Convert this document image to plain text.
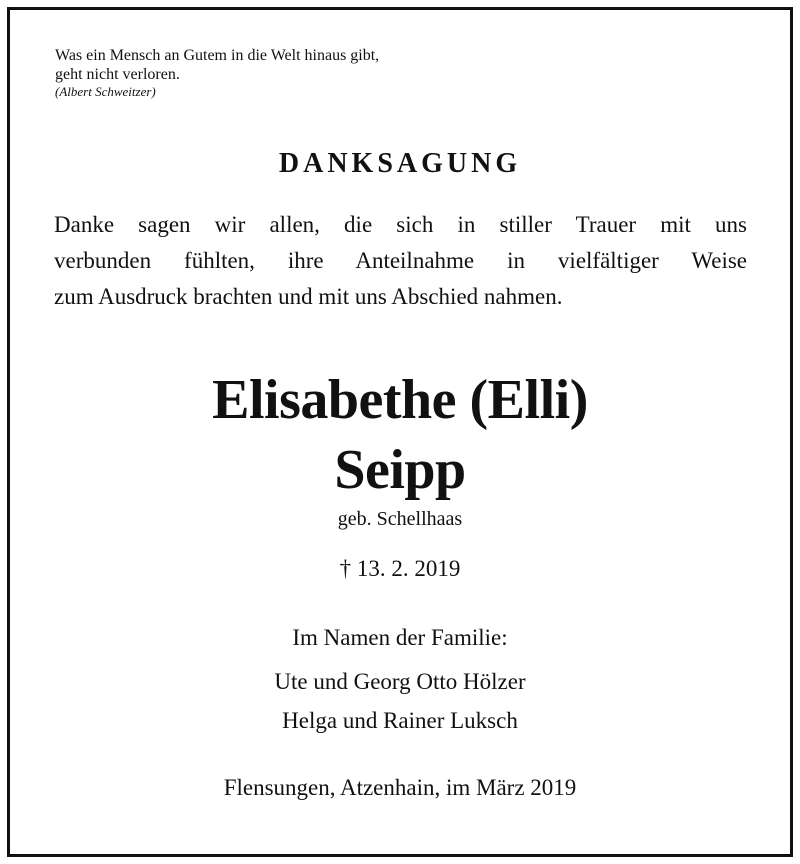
Was ein Mensch an Gutem in die Welt hinaus gibt,
geht nicht verloren.
(Albert Schweitzer)
DANKSAGUNG
Danke sagen wir allen, die sich in stiller Trauer mit uns
verbunden fühlten, ihre Anteilnahme in vielfältiger Weise
zum Ausdruck brachten und mit uns Abschied nahmen.
Elisabethe (Elli)
Seipp
geb. Schellhaas
† 13. 2. 2019
Im Namen der Familie:
Ute und Georg Otto Hölzer
Helga und Rainer Luksch
Flensungen, Atzenhain, im März 2019
